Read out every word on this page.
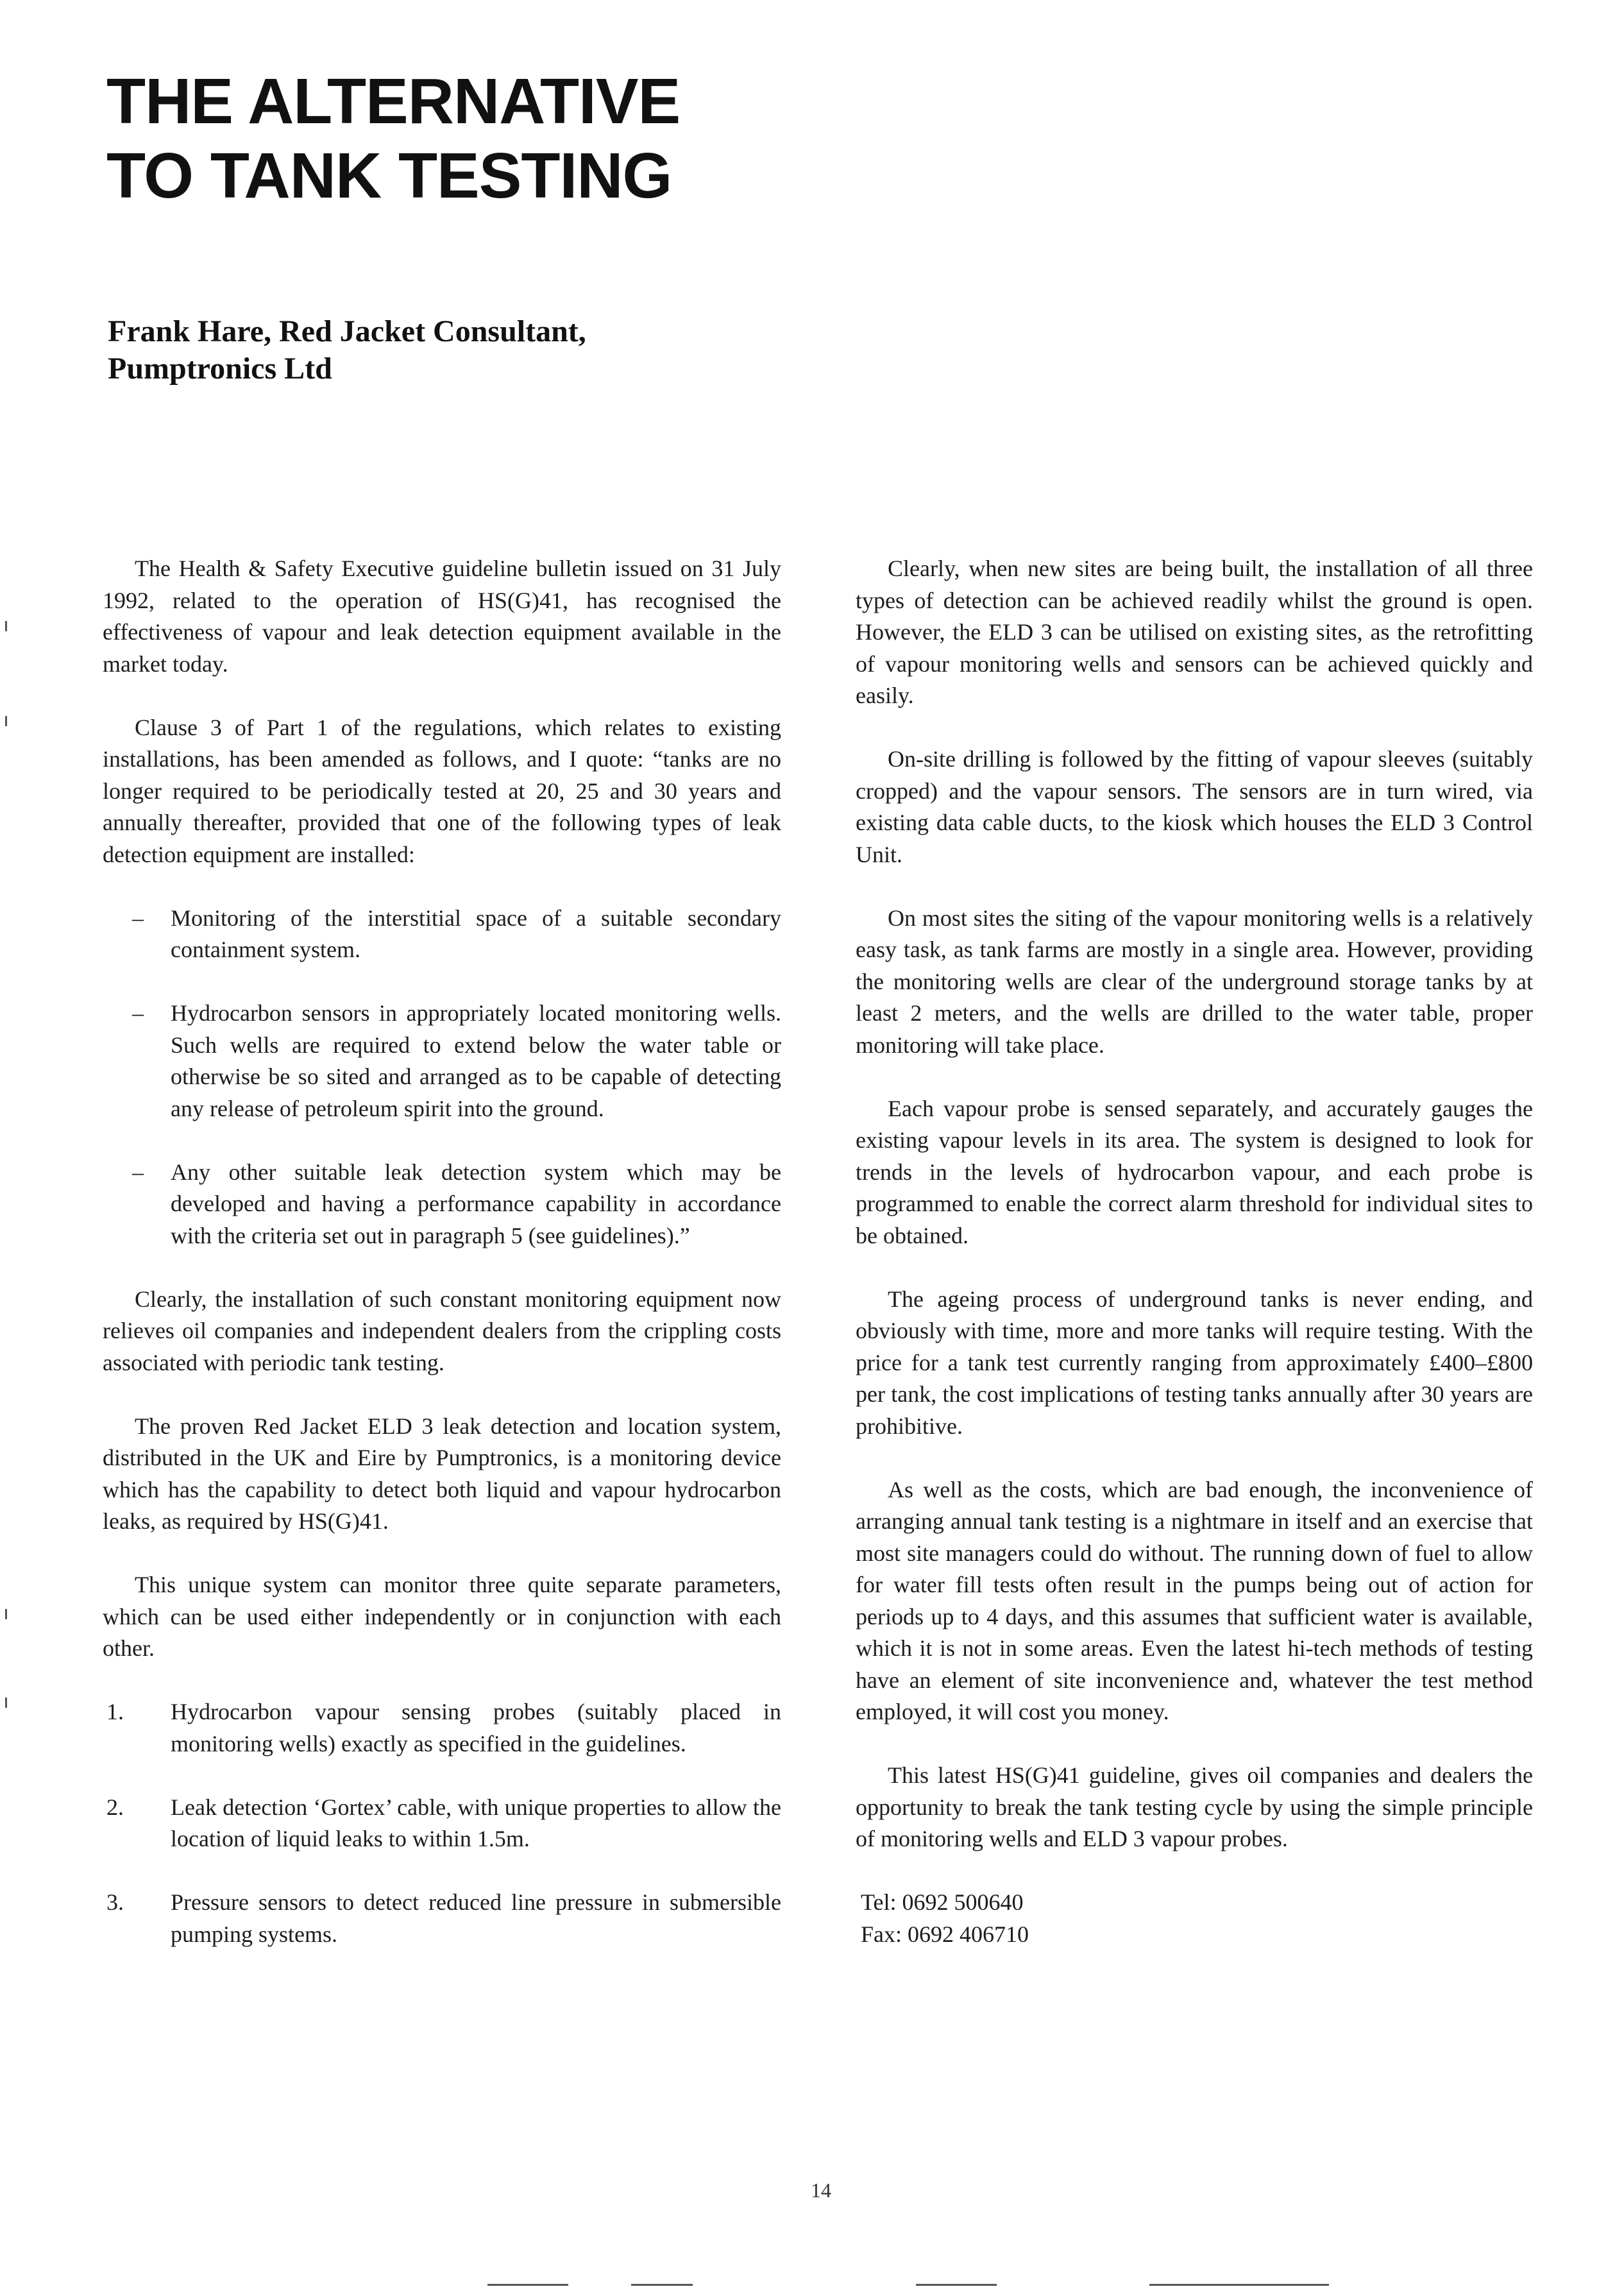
THE ALTERNATIVE
TO TANK TESTING
Frank Hare, Red Jacket Consultant,
Pumptronics Ltd

The Health & Safety Executive guideline bulletin issued on 31 July 1992, related to the operation of HS(G)41, has recognised the effectiveness of vapour and leak detection equipment available in the market today.

Clause 3 of Part 1 of the regulations, which relates to existing installations, has been amended as follows, and I quote: “tanks are no longer required to be periodically tested at 20, 25 and 30 years and annually thereafter, provided that one of the following types of leak detection equipment are installed:

– Monitoring of the interstitial space of a suitable secondary containment system.
– Hydrocarbon sensors in appropriately located monitoring wells. Such wells are required to extend below the water table or otherwise be so sited and arranged as to be capable of detecting any release of petroleum spirit into the ground.
– Any other suitable leak detection system which may be developed and having a performance capability in accordance with the criteria set out in paragraph 5 (see guidelines).”

Clearly, the installation of such constant monitoring equipment now relieves oil companies and independent dealers from the crippling costs associated with periodic tank testing.

The proven Red Jacket ELD 3 leak detection and location system, distributed in the UK and Eire by Pumptronics, is a monitoring device which has the capability to detect both liquid and vapour hydrocarbon leaks, as required by HS(G)41.

This unique system can monitor three quite separate parameters, which can be used either independently or in conjunction with each other.

1. Hydrocarbon vapour sensing probes (suitably placed in monitoring wells) exactly as specified in the guidelines.
2. Leak detection ‘Gortex’ cable, with unique properties to allow the location of liquid leaks to within 1.5m.
3. Pressure sensors to detect reduced line pressure in submersible pumping systems.

Clearly, when new sites are being built, the installation of all three types of detection can be achieved readily whilst the ground is open. However, the ELD 3 can be utilised on existing sites, as the retrofitting of vapour monitoring wells and sensors can be achieved quickly and easily.

On-site drilling is followed by the fitting of vapour sleeves (suitably cropped) and the vapour sensors. The sensors are in turn wired, via existing data cable ducts, to the kiosk which houses the ELD 3 Control Unit.

On most sites the siting of the vapour monitoring wells is a relatively easy task, as tank farms are mostly in a single area. However, providing the monitoring wells are clear of the underground storage tanks by at least 2 meters, and the wells are drilled to the water table, proper monitoring will take place.

Each vapour probe is sensed separately, and accurately gauges the existing vapour levels in its area. The system is designed to look for trends in the levels of hydrocarbon vapour, and each probe is programmed to enable the correct alarm threshold for individual sites to be obtained.

The ageing process of underground tanks is never ending, and obviously with time, more and more tanks will require testing. With the price for a tank test currently ranging from approximately £400–£800 per tank, the cost implications of testing tanks annually after 30 years are prohibitive.

As well as the costs, which are bad enough, the inconvenience of arranging annual tank testing is a nightmare in itself and an exercise that most site managers could do without. The running down of fuel to allow for water fill tests often result in the pumps being out of action for periods up to 4 days, and this assumes that sufficient water is available, which it is not in some areas. Even the latest hi-tech methods of testing have an element of site inconvenience and, whatever the test method employed, it will cost you money.

This latest HS(G)41 guideline, gives oil companies and dealers the opportunity to break the tank testing cycle by using the simple principle of monitoring wells and ELD 3 vapour probes.

Tel: 0692 500640
Fax: 0692 406710
14
